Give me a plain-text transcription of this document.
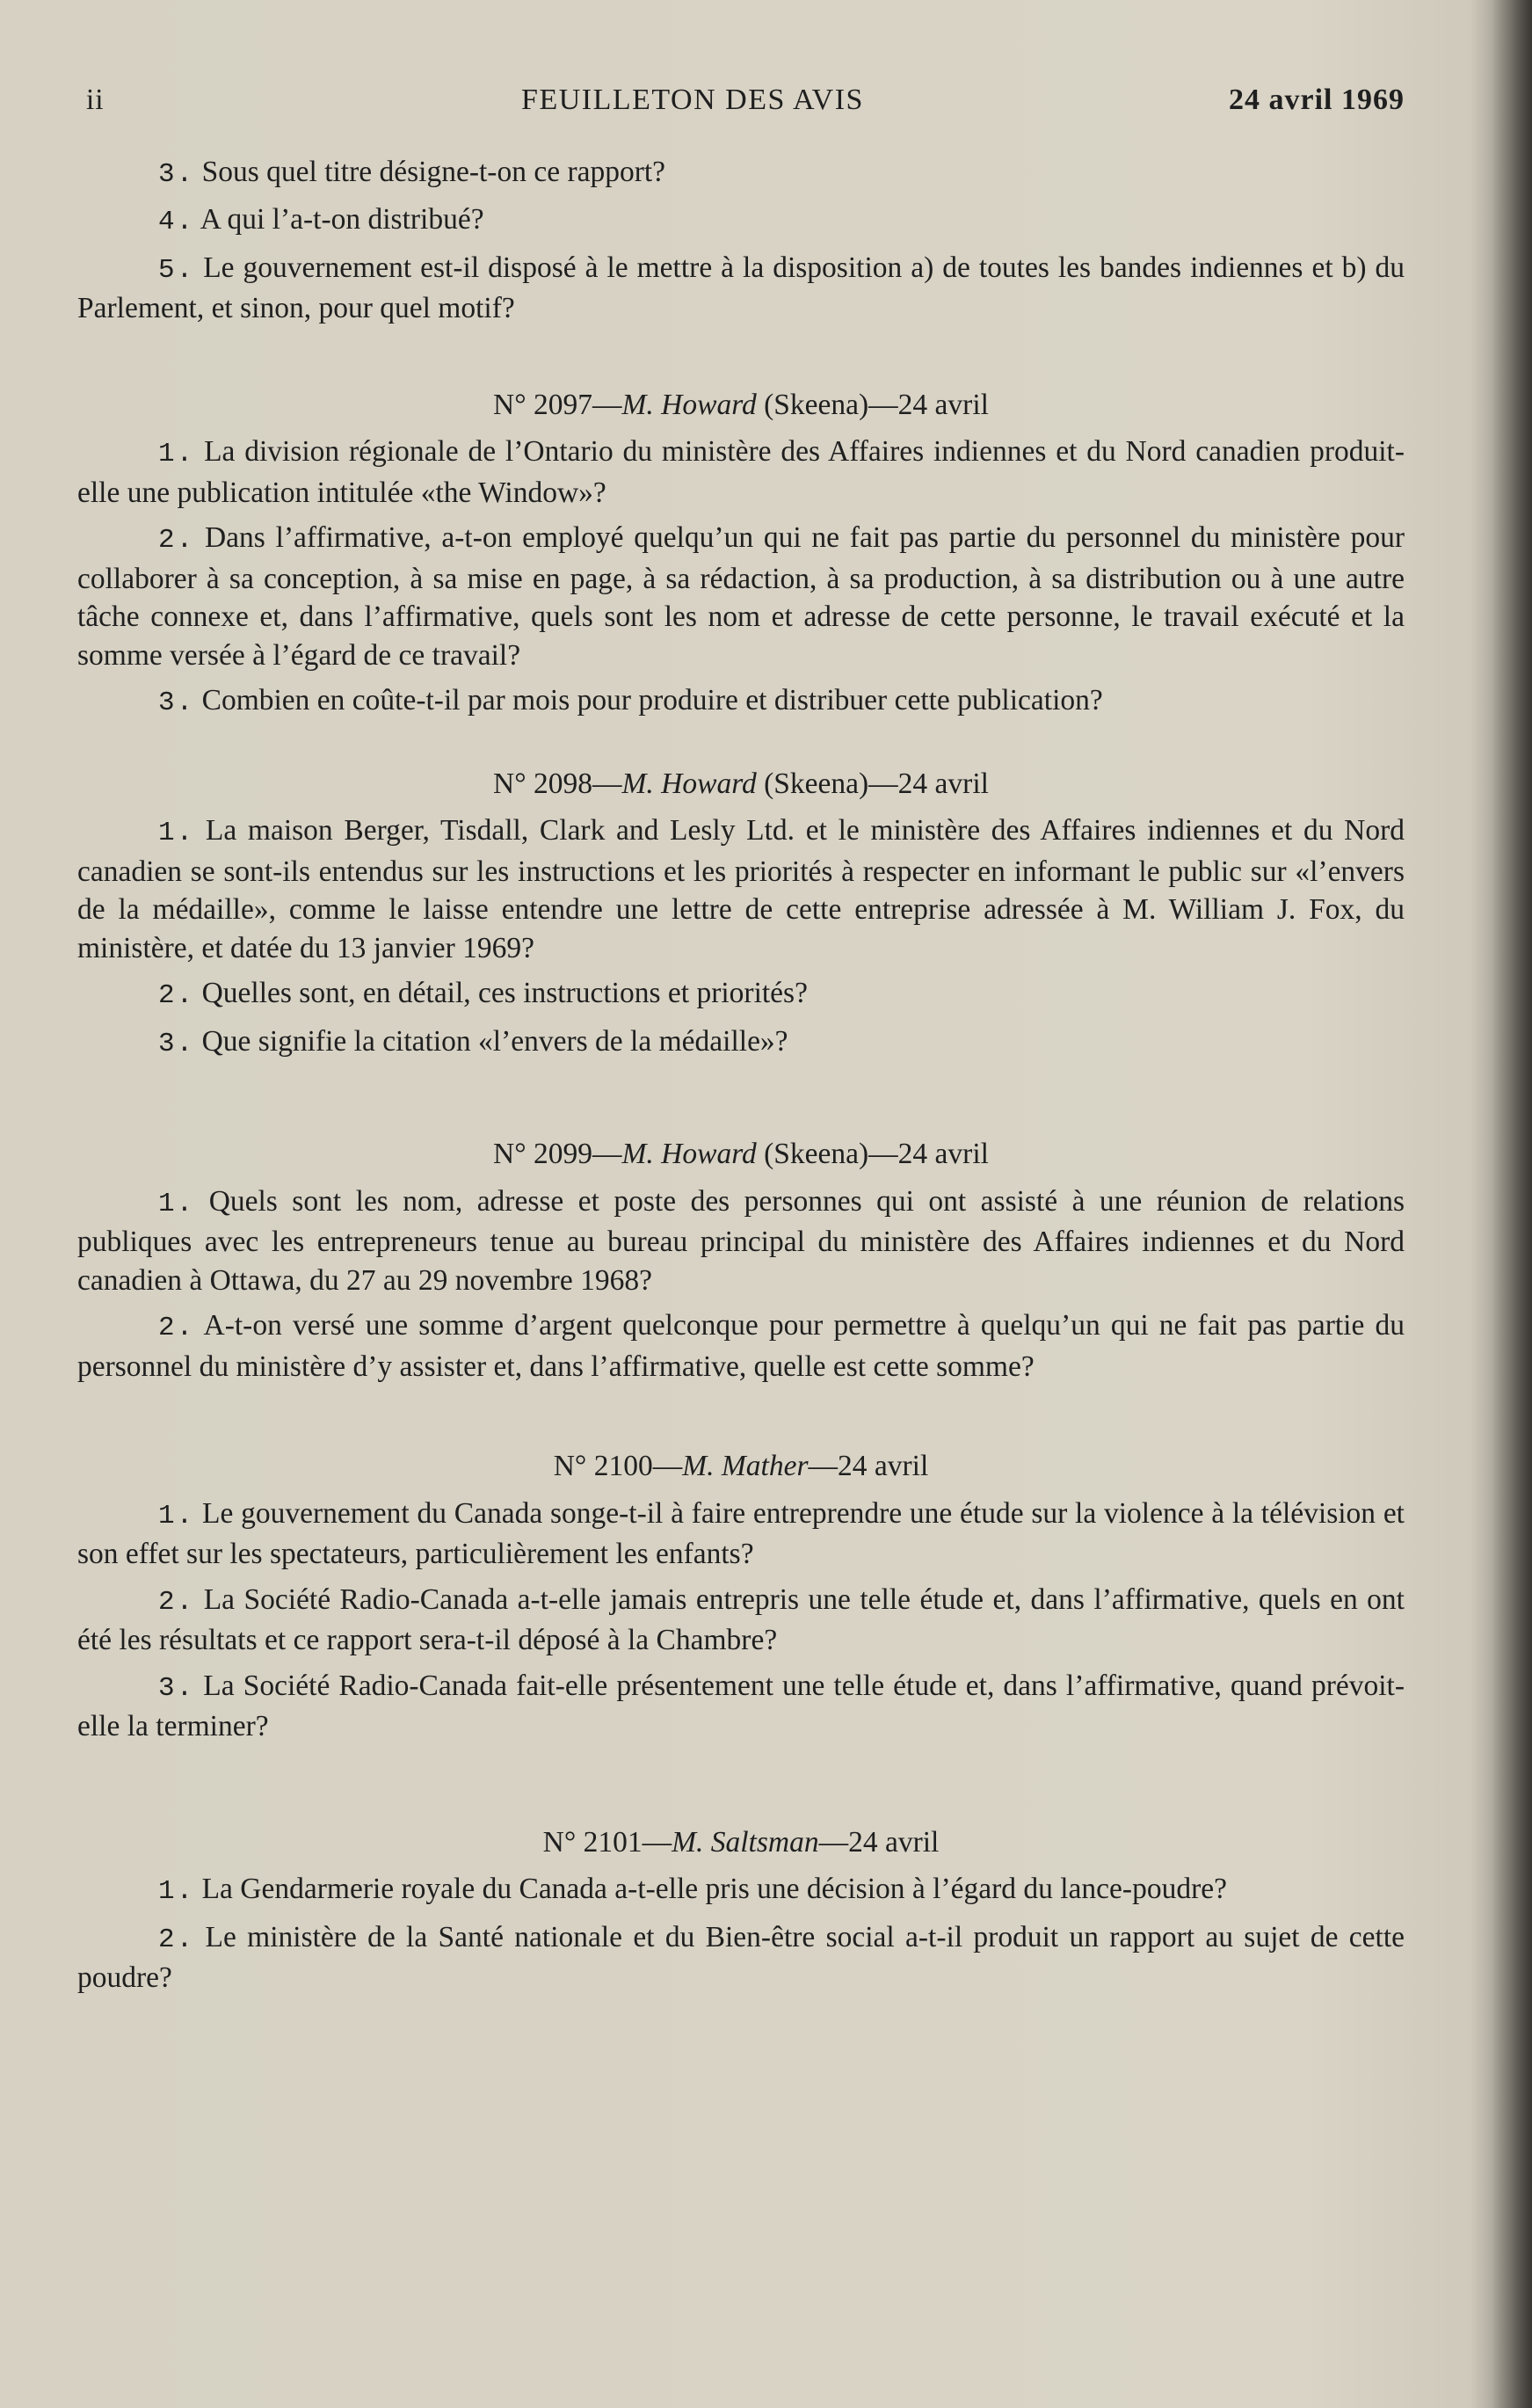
ii	FEUILLETON DES AVIS	24 avril 1969

3. Sous quel titre désigne-t-on ce rapport?

4. A qui l’a-t-on distribué?

5. Le gouvernement est-il disposé à le mettre à la disposition a) de toutes les bandes indiennes et b) du Parlement, et sinon, pour quel motif?

N° 2097—M. Howard (Skeena)—24 avril

1. La division régionale de l’Ontario du ministère des Affaires indiennes et du Nord canadien produit-elle une publication intitulée «the Window»?

2. Dans l’affirmative, a-t-on employé quelqu’un qui ne fait pas partie du personnel du ministère pour collaborer à sa conception, à sa mise en page, à sa rédaction, à sa production, à sa distribution ou à une autre tâche connexe et, dans l’affirmative, quels sont les nom et adresse de cette personne, le travail exécuté et la somme versée à l’égard de ce travail?

3. Combien en coûte-t-il par mois pour produire et distribuer cette publication?

N° 2098—M. Howard (Skeena)—24 avril

1. La maison Berger, Tisdall, Clark and Lesly Ltd. et le ministère des Affaires indiennes et du Nord canadien se sont-ils entendus sur les instructions et les priorités à respecter en informant le public sur «l’envers de la médaille», comme le laisse entendre une lettre de cette entreprise adressée à M. William J. Fox, du ministère, et datée du 13 janvier 1969?

2. Quelles sont, en détail, ces instructions et priorités?

3. Que signifie la citation «l’envers de la médaille»?

N° 2099—M. Howard (Skeena)—24 avril

1. Quels sont les nom, adresse et poste des personnes qui ont assisté à une réunion de relations publiques avec les entrepreneurs tenue au bureau principal du ministère des Affaires indiennes et du Nord canadien à Ottawa, du 27 au 29 novembre 1968?

2. A-t-on versé une somme d’argent quelconque pour permettre à quelqu’un qui ne fait pas partie du personnel du ministère d’y assister et, dans l’affirmative, quelle est cette somme?

N° 2100—M. Mather—24 avril

1. Le gouvernement du Canada songe-t-il à faire entreprendre une étude sur la violence à la télévision et son effet sur les spectateurs, particulièrement les enfants?

2. La Société Radio-Canada a-t-elle jamais entrepris une telle étude et, dans l’affirmative, quels en ont été les résultats et ce rapport sera-t-il déposé à la Chambre?

3. La Société Radio-Canada fait-elle présentement une telle étude et, dans l’affirmative, quand prévoit-elle la terminer?

N° 2101—M. Saltsman—24 avril

1. La Gendarmerie royale du Canada a-t-elle pris une décision à l’égard du lance-poudre?

2. Le ministère de la Santé nationale et du Bien-être social a-t-il produit un rapport au sujet de cette poudre?
